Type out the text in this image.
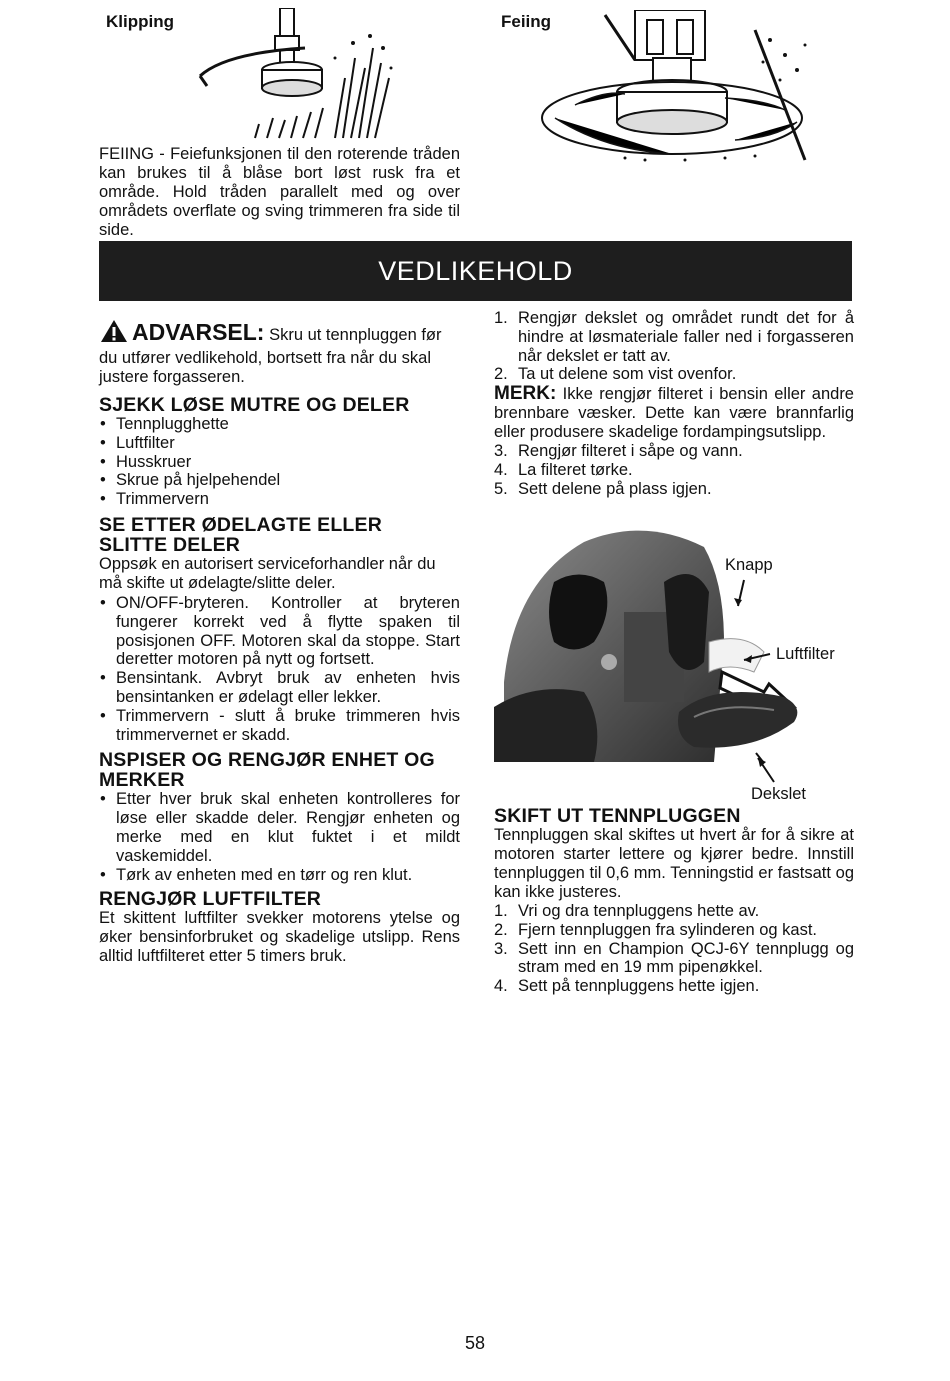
Klipping	Feiing
FEIING - Feiefunksjonen til den roterende tråden kan brukes til å blåse bort løst rusk fra et område. Hold tråden parallelt med og over områdets overflate og sving trimmeren fra side til side.
VEDLIKEHOLD
ADVARSEL: Skru ut tennpluggen før du utfører vedlikehold, bortsett fra når du skal justere forgasseren.
SJEKK LØSE MUTRE OG DELER
• Tennplugghette
• Luftfilter
• Husskruer
• Skrue på hjelpehendel
• Trimmervern
SE ETTER ØDELAGTE ELLER
SLITTE DELER
Oppsøk en autorisert serviceforhandler når du må skifte ut ødelagte/slitte deler.
• ON/OFF-bryteren. Kontroller at bryteren fungerer korrekt ved å flytte spaken til posisjonen OFF. Motoren skal da stoppe. Start deretter motoren på nytt og fortsett.
• Bensintank. Avbryt bruk av enheten hvis bensintanken er ødelagt eller lekker.
• Trimmervern - slutt å bruke trimmeren hvis trimmervernet er skadd.
NSPISER OG RENGJØR ENHET OG
MERKER
• Etter hver bruk skal enheten kontrolleres for løse eller skadde deler. Rengjør enheten og merke med en klut fuktet i et mildt vaskemiddel.
• Tørk av enheten med en tørr og ren klut.
RENGJØR LUFTFILTER
Et skittent luftfilter svekker motorens ytelse og øker bensinforbruket og skadelige utslipp. Rens alltid luftfilteret etter 5 timers bruk.
1. Rengjør dekslet og området rundt det for å hindre at løsmateriale faller ned i forgasseren når dekslet er tatt av.
2. Ta ut delene som vist ovenfor.
MERK: Ikke rengjør filteret i bensin eller andre brennbare væsker. Dette kan være brannfarlig eller produsere skadelige fordampingsutslipp.
3. Rengjør filteret i såpe og vann.
4. La filteret tørke.
5. Sett delene på plass igjen.
Knapp
Luftfilter
Dekslet
SKIFT UT TENNPLUGGEN
Tennpluggen skal skiftes ut hvert år for å sikre at motoren starter lettere og kjører bedre. Innstill tennpluggen til 0,6 mm. Tenningstid er fastsatt og kan ikke justeres.
1. Vri og dra tennpluggens hette av.
2. Fjern tennpluggen fra sylinderen og kast.
3. Sett inn en Champion QCJ-6Y tennplugg og stram med en 19 mm pipenøkkel.
4. Sett på tennpluggens hette igjen.
58
